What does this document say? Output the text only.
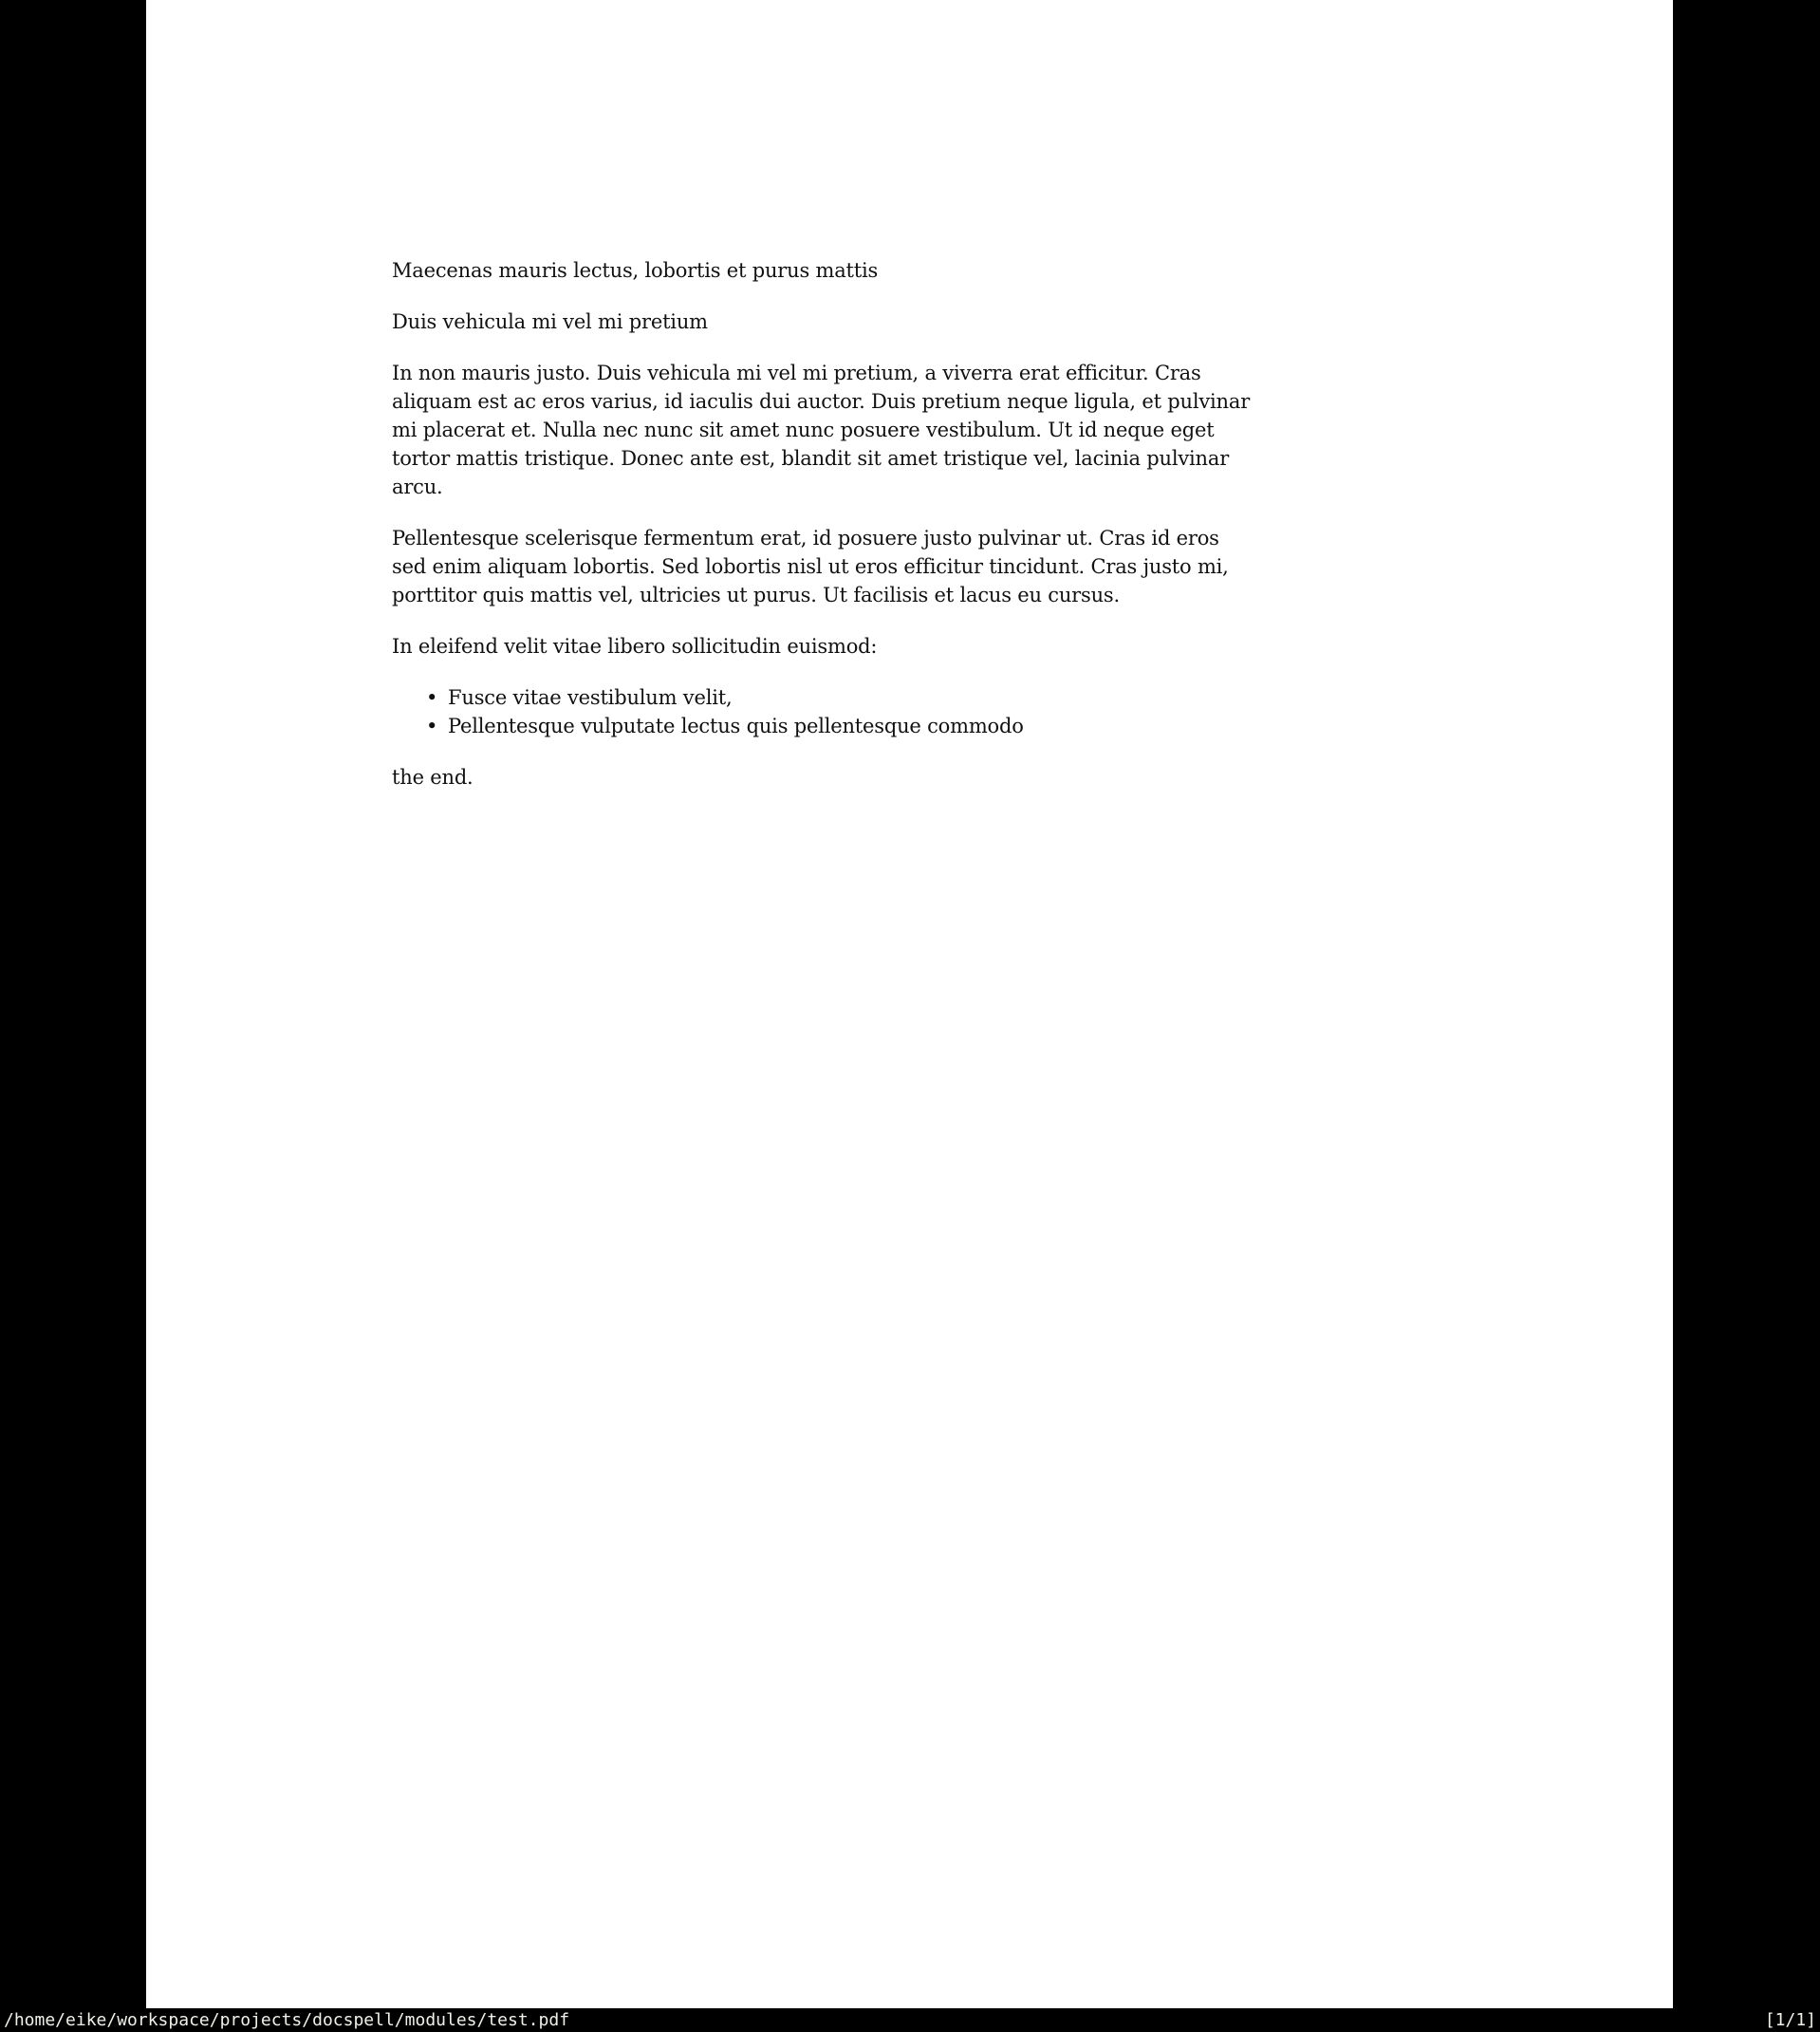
Maecenas mauris lectus, lobortis et purus mattis

Duis vehicula mi vel mi pretium

In non mauris justo. Duis vehicula mi vel mi pretium, a viverra erat efficitur. Cras
aliquam est ac eros varius, id iaculis dui auctor. Duis pretium neque ligula, et pulvinar
mi placerat et. Nulla nec nunc sit amet nunc posuere vestibulum. Ut id neque eget
tortor mattis tristique. Donec ante est, blandit sit amet tristique vel, lacinia pulvinar
arcu.

Pellentesque scelerisque fermentum erat, id posuere justo pulvinar ut. Cras id eros
sed enim aliquam lobortis. Sed lobortis nisl ut eros efficitur tincidunt. Cras justo mi,
porttitor quis mattis vel, ultricies ut purus. Ut facilisis et lacus eu cursus.

In eleifend velit vitae libero sollicitudin euismod:

• Fusce vitae vestibulum velit,
• Pellentesque vulputate lectus quis pellentesque commodo

the end.

/home/eike/workspace/projects/docspell/modules/test.pdf	[1/1]
